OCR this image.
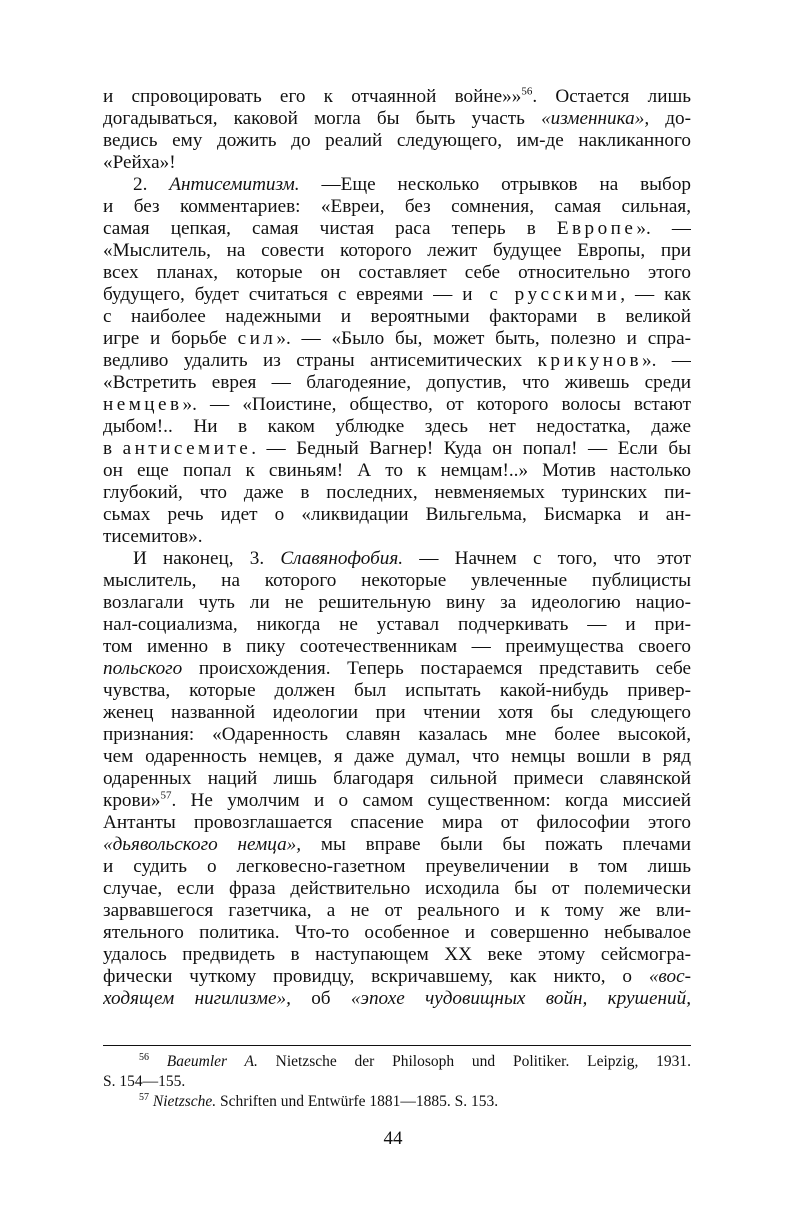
и спровоцировать его к отчаянной войне»»$^{56}$. Остается лишь
догадываться, каковой могла бы быть участь «изменника», до-
ведись ему дожить до реалий следующего, им-де накликанного
«Рейха»!
2. Антисемитизм. —Еще несколько отрывков на выбор
и без комментариев: «Евреи, без сомнения, самая сильная,
самая цепкая, самая чистая раса теперь в Европе». —
«Мыслитель, на совести которого лежит будущее Европы, при
всех планах, которые он составляет себе относительно этого
будущего, будет считаться с евреями — и с русскими, — как
с наиболее надежными и вероятными факторами в великой
игре и борьбе сил». — «Было бы, может быть, полезно и спра-
ведливо удалить из страны антисемитических крикунов». —
«Встретить еврея — благодеяние, допустив, что живешь среди
немцев». — «Поистине, общество, от которого волосы встают
дыбом!.. Ни в каком ублюдке здесь нет недостатка, даже
в антисемите. — Бедный Вагнер! Куда он попал! — Если бы
он еще попал к свиньям! А то к немцам!..» Мотив настолько
глубокий, что даже в последних, невменяемых туринских пи-
сьмах речь идет о «ликвидации Вильгельма, Бисмарка и ан-
тисемитов».
И наконец, 3. Славянофобия. — Начнем с того, что этот
мыслитель, на которого некоторые увлеченные публицисты
возлагали чуть ли не решительную вину за идеологию нацио-
нал-социализма, никогда не уставал подчеркивать — и при-
том именно в пику соотечественникам — преимущества своего
польского происхождения. Теперь постараемся представить себе
чувства, которые должен был испытать какой-нибудь привер-
женец названной идеологии при чтении хотя бы следующего
признания: «Одаренность славян казалась мне более высокой,
чем одаренность немцев, я даже думал, что немцы вошли в ряд
одаренных наций лишь благодаря сильной примеси славянской
крови»$^{57}$. Не умолчим и о самом существенном: когда миссией
Антанты провозглашается спасение мира от философии этого
«дьявольского немца», мы вправе были бы пожать плечами
и судить о легковесно-газетном преувеличении в том лишь
случае, если фраза действительно исходила бы от полемически
зарвавшегося газетчика, а не от реального и к тому же вли-
ятельного политика. Что-то особенное и совершенно небывалое
удалось предвидеть в наступающем XX веке этому сейсмогра-
фически чуткому провидцу, вскричавшему, как никто, о «вос-
ходящем нигилизме», об «эпохе чудовищных войн, крушений,
$^{56}$ Baeumler A. Nietzsche der Philosoph und Politiker. Leipzig, 1931.
S. 154—155.
$^{57}$ Nietzsche. Schriften und Entwürfe 1881—1885. S. 153.
44
